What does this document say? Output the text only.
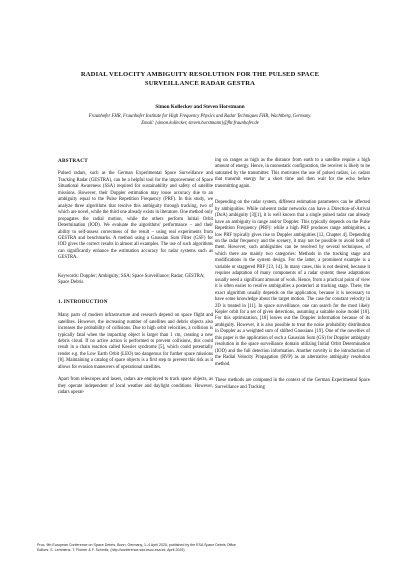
RADIAL VELOCITY AMBIGUITY RESOLUTION FOR THE PULSED SPACE
SURVEILLANCE RADAR GESTRA
Simon Kollecker and Steven Horstmann
Fraunhofer FHR, Fraunhofer Institute for High Frequency Physics and Radar Techniques FHR, Wachtberg, Germany.
Email: {simon.kollecker, steven.horstmann}@fhr.fraunhofer.de
ABSTRACT

Pulsed radars, such as the German Experimental Space Surveillance and Tracking Radar (GESTRA), can be a helpful tool for the improvement of Space Situational Awareness (SSA) required for sustainability and safety of satellite missions. However, their Doppler estimation may loose accuracy due to an ambiguity equal to the Pulse Repetition Frequency (PRF). In this study, we analyze three algorithms that resolve this ambiguity through tracking, two of which are novel, while the third one already exists in literature. One method only propagates the radial motion, while the others perform Initial Orbit Determination (IOD). We evaluate the algorithms' performance – and their ability to self-assess correctness of the result – using real experiments from GESTRA and benchmarks. A method using a Gaussian Sum Filter (GSF) for IOD gives the correct results in almost all examples. The use of such algorithms can significantly enhance the estimation accuracy for radar systems such as GESTRA.

Keywords: Doppler; Ambiguity; SSA; Space Surveillance; Radar; GESTRA; Space Debris.

1. INTRODUCTION

Many parts of modern infrastructure and research depend on space flight and satellites. However, the increasing number of satellites and debris objects also increases the probability of collisions. Due to high orbit velocities, a collision is typically fatal when the impacting object is larger than 1 cm, creating a new debris cloud. If no active action is performed to prevent collisions, this could result in a chain reaction called Kessler syndrome [5], which could potentially render e.g. the Low Earth Orbit (LEO) too dangerous for further space missions [8]. Maintaining a catalog of space objects is a first step to prevent this risk as it allows for evasion maneuvers of operational satellites.

Apart from telescopes and lasers, radars are employed to track space objects, as they operate independent of local weather and daylight conditions. However, radars operat-

ing on ranges as high as the distance from earth to a satellite require a high amount of energy. Hence, in monostatic configuration, the receiver is likely to be saturated by the transmitter. This motivates the use of pulsed radars, i.e. radars that transmit energy for a short time and then wait for the echo before transmitting again.

Depending on the radar system, different estimation parameters can be affected by ambiguities. While coherent radar networks can have a Direction-of-Arrival (DoA) ambiguity [3][1], it is well known that a single pulsed radar can already have an ambiguity in range and/or Doppler. This typically depends on the Pulse Repetition Frequency (PRF): while a high PRF produces range ambiguities, a low PRF typically gives rise to Doppler ambiguities [12, Chapter 4]. Depending on the radar frequency and the scenery, it may not be possible to avoid both of them. However, such ambiguities can be resolved by several techniques, of which there are mainly two categories: Methods in the tracking stage and modifications in the system design. For the latter, a prominent example is a variable or staggered PRF [13, 14]. In many cases, this is not desired, because it requires adaptation of many components of a radar system; these adaptations usually need a significant amount of work. Hence, from a practical point of view it is often easier to resolve ambiguities a posteriori at tracking stage. There, the exact algorithm usually depends on the application, because it is necessary to have some knowledge about the target motion. The case for constant velocity in 2D is treated in [11]. In space surveillance, one can search for the most likely Kepler orbit for a set of given detections, assuming a suitable noise model [18]. For this optimization, [18] leaves out the Doppler information because of its ambiguity. However, it is also possible to treat the noise probability distribution in Doppler as a weighted sum of shifted Gaussians [19]. One of the novelties of this paper is the application of such a Gaussian Sum (GS) for Doppler ambiguity resolution in the space surveillance domain utilizing Initial Orbit Determination (IOD) and the full detection information. Another novelty is the introduction of the Radial Velocity Propagation (RVP) as an alternative ambiguity resolution method.

These methods are compared in the context of the German Experimental Space Surveillance and Tracking

Proc. 9th European Conference on Space Debris, Bonn, Germany, 1–4 April 2025, published by the ESA Space Debris Office
Editors: S. Lemmens, T. Flohrer & F. Schmitz, (http://conference.sdo.esoc.esa.int, April 2025)
